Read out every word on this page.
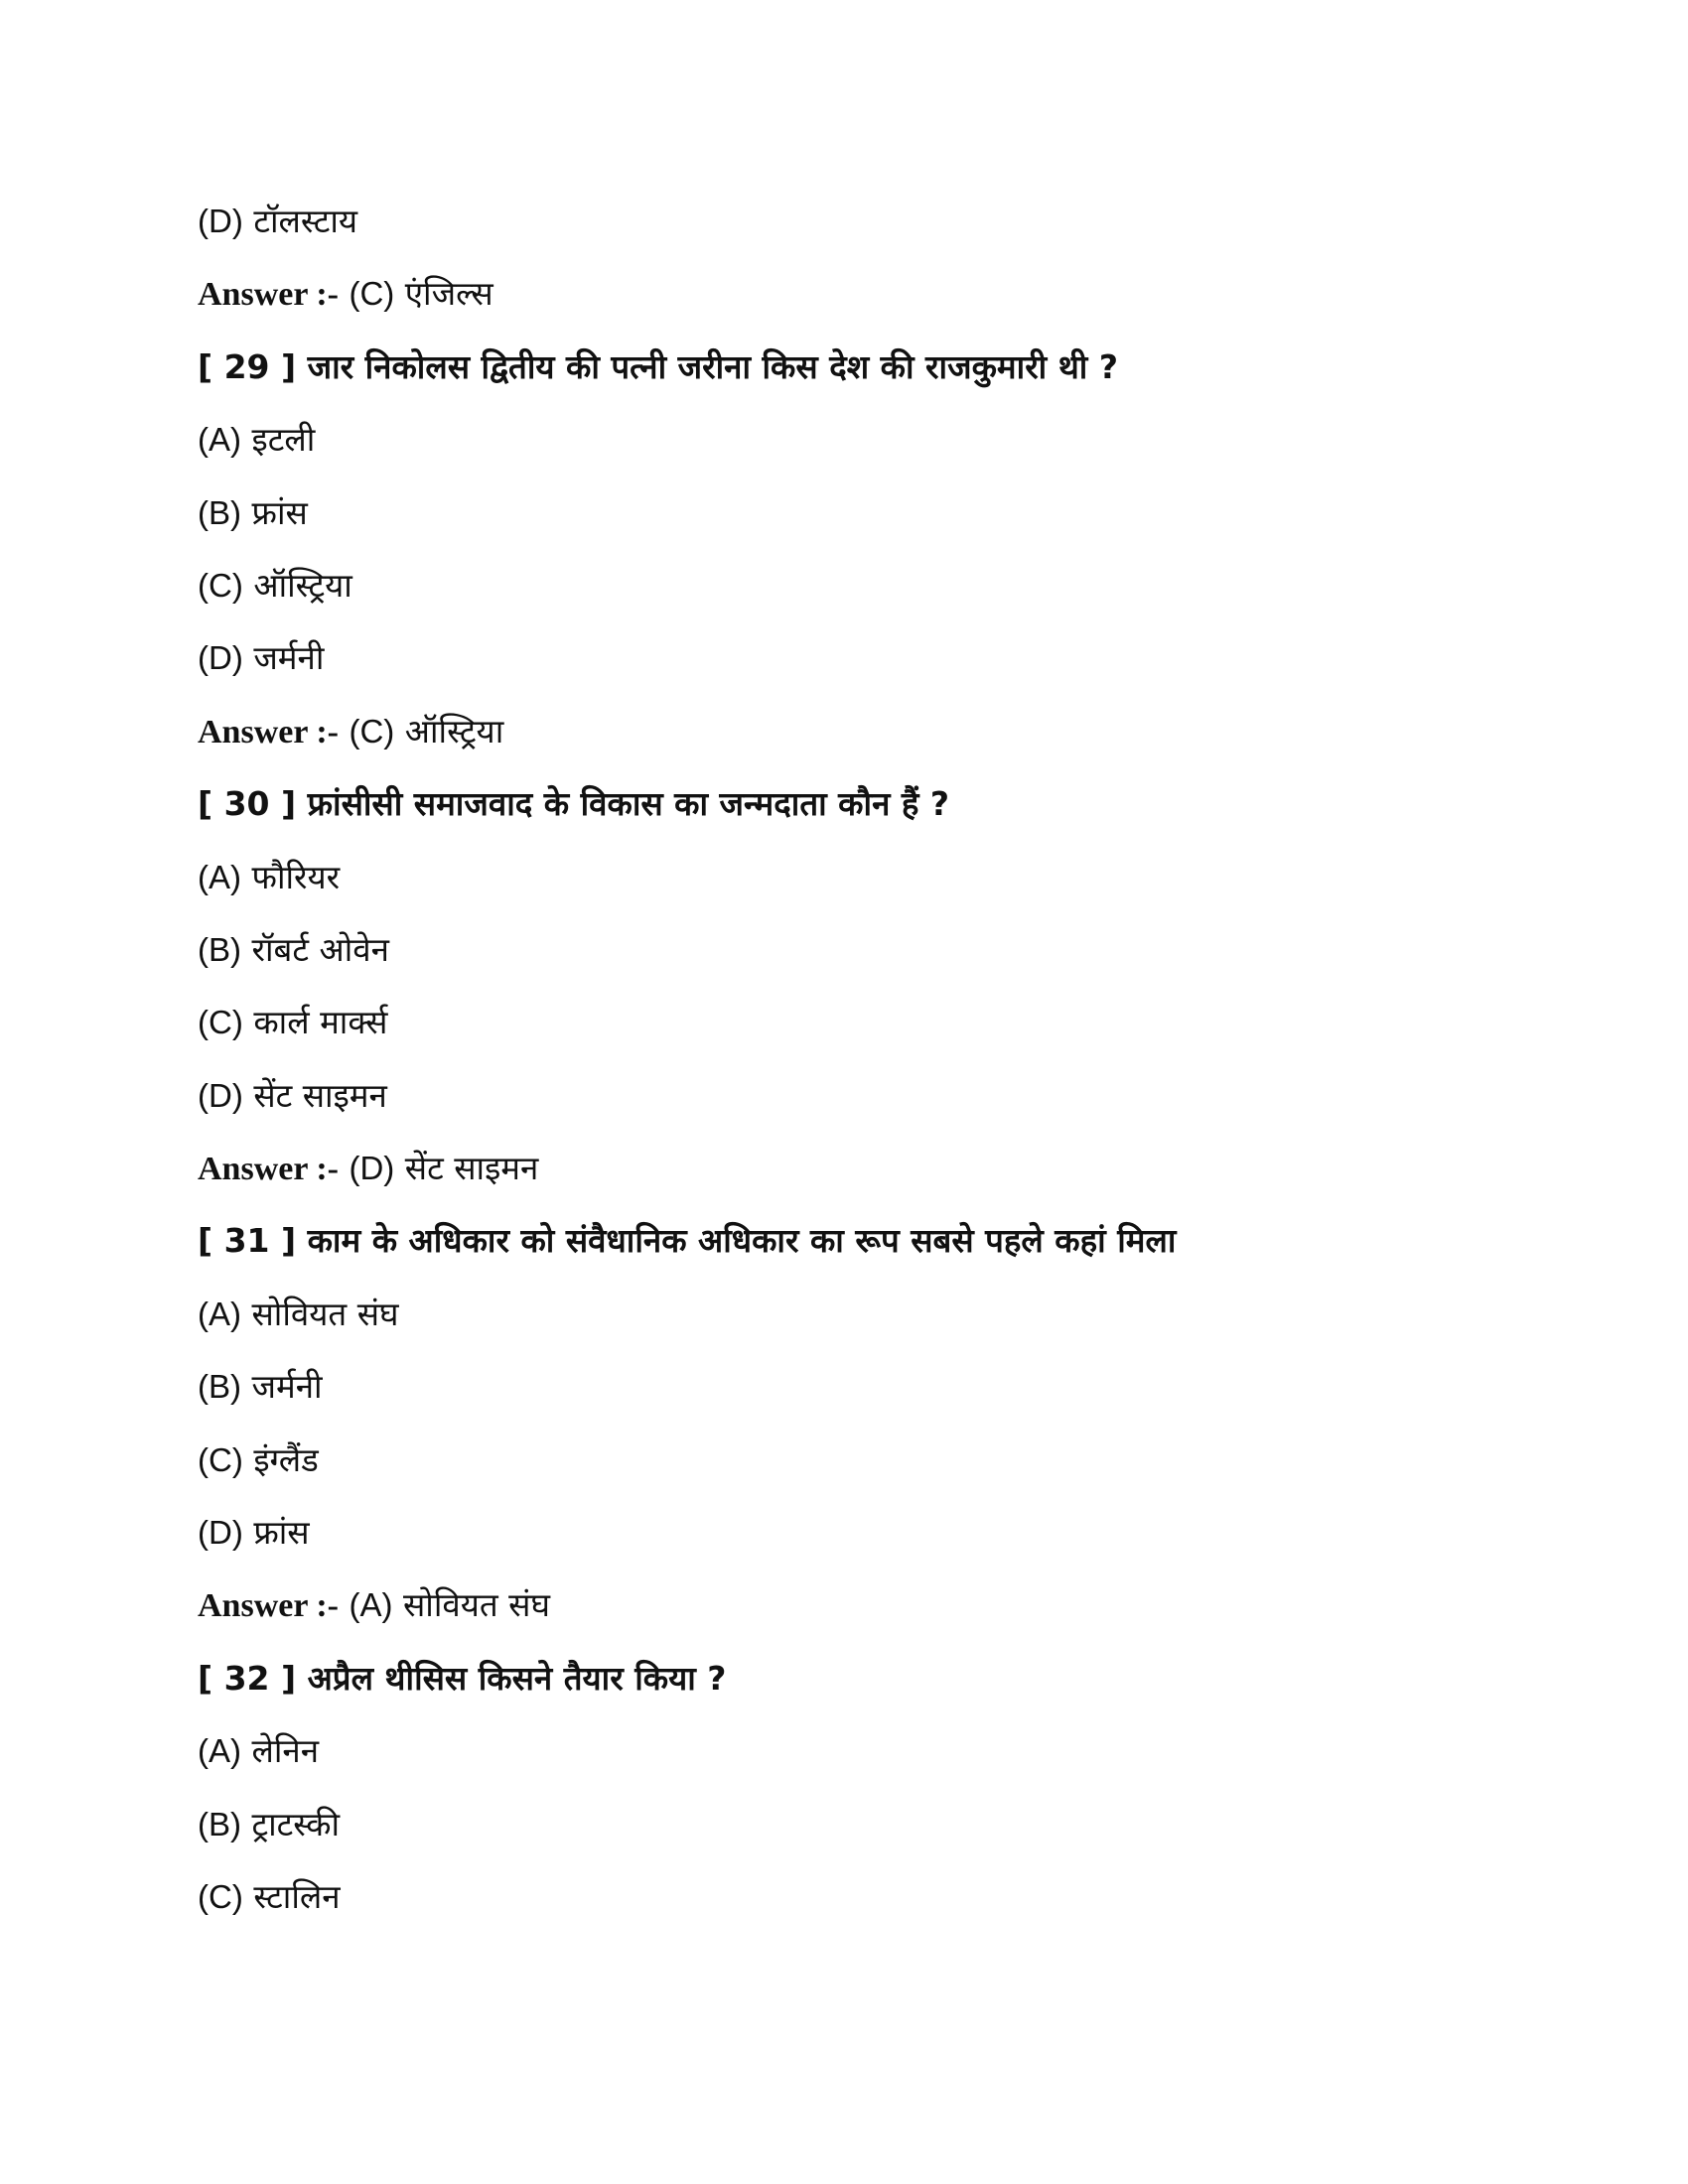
(D) टॉलस्टाय
Answer :- (C) एंजिल्स
[ 29 ] जार निकोलस द्वितीय की पत्नी जरीना किस देश की राजकुमारी थी ?
(A) इटली
(B) फ्रांस
(C) ऑस्ट्रिया
(D) जर्मनी
Answer :- (C) ऑस्ट्रिया
[ 30 ] फ्रांसीसी समाजवाद के विकास का जन्मदाता कौन हैं ?
(A) फौरियर
(B) रॉबर्ट ओवेन
(C) कार्ल मार्क्स
(D) सेंट साइमन
Answer :- (D) सेंट साइमन
[ 31 ] काम के अधिकार को संवैधानिक अधिकार का रूप सबसे पहले कहां मिला
(A) सोवियत संघ
(B) जर्मनी
(C) इंग्लैंड
(D) फ्रांस
Answer :- (A) सोवियत संघ
[ 32 ] अप्रैल थीसिस किसने तैयार किया ?
(A) लेनिन
(B) ट्राटस्की
(C) स्टालिन
